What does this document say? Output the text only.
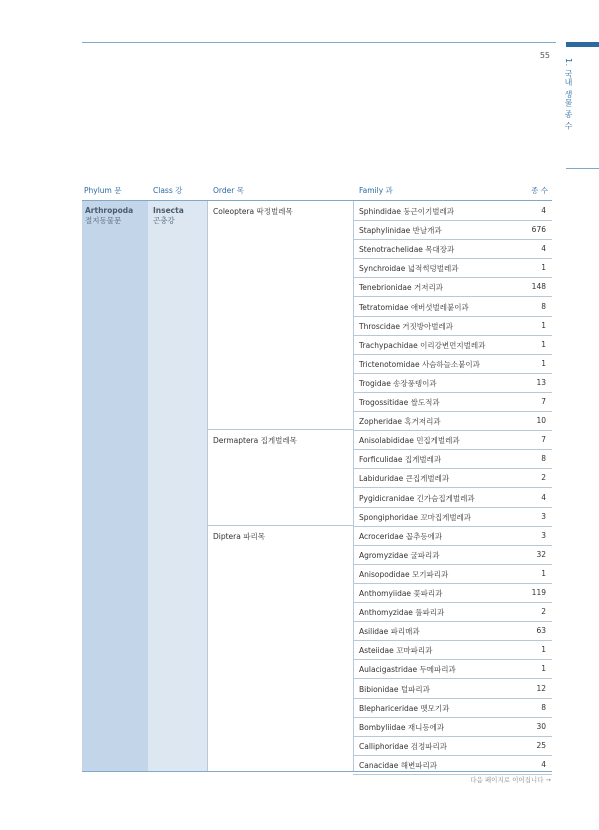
55
1. 국내 생물 종 수
Phylum 문	Class 강	Order 목	Family 과	종 수
Arthropoda
절지동물문
Insecta
곤충강
Coleoptera 딱정벌레목	Sphindidae 둥근이기벌레과	4
Staphylinidae 반날개과	676
Stenotrachelidae 목대장과	4
Synchroidae 넓적썩덩벌레과	1
Tenebrionidae 거저리과	148
Tetratomidae 애버섯벌레붙이과	8
Throscidae 거짓방아벌레과	1
Trachypachidae 이리강변먼지벌레과	1
Trictenotomidae 사슴하늘소붙이과	1
Trogidae 송장풍뎅이과	13
Trogossitidae 쌀도적과	7
Zopheridae 혹거저리과	10
Dermaptera 집게벌레목	Anisolabididae 민집게벌레과	7
Forficulidae 집게벌레과	8
Labiduridae 큰집게벌레과	2
Pygidicranidae 긴가슴집게벌레과	4
Spongiphoridae 꼬마집게벌레과	3
Diptera 파리목	Acroceridae 꼽추등에과	3
Agromyzidae 굴파리과	32
Anisopodidae 모기파리과	1
Anthomyiidae 꽃파리과	119
Anthomyzidae 풀파리과	2
Asilidae 파리매과	63
Asteiidae 꼬마파리과	1
Aulacigastridae 두메파리과	1
Bibionidae 털파리과	12
Blephariceridae 멧모기과	8
Bombyliidae 재니등에과	30
Calliphoridae 검정파리과	25
Canacidae 해변파리과	4
다음 페이지로 이어집니다 →
